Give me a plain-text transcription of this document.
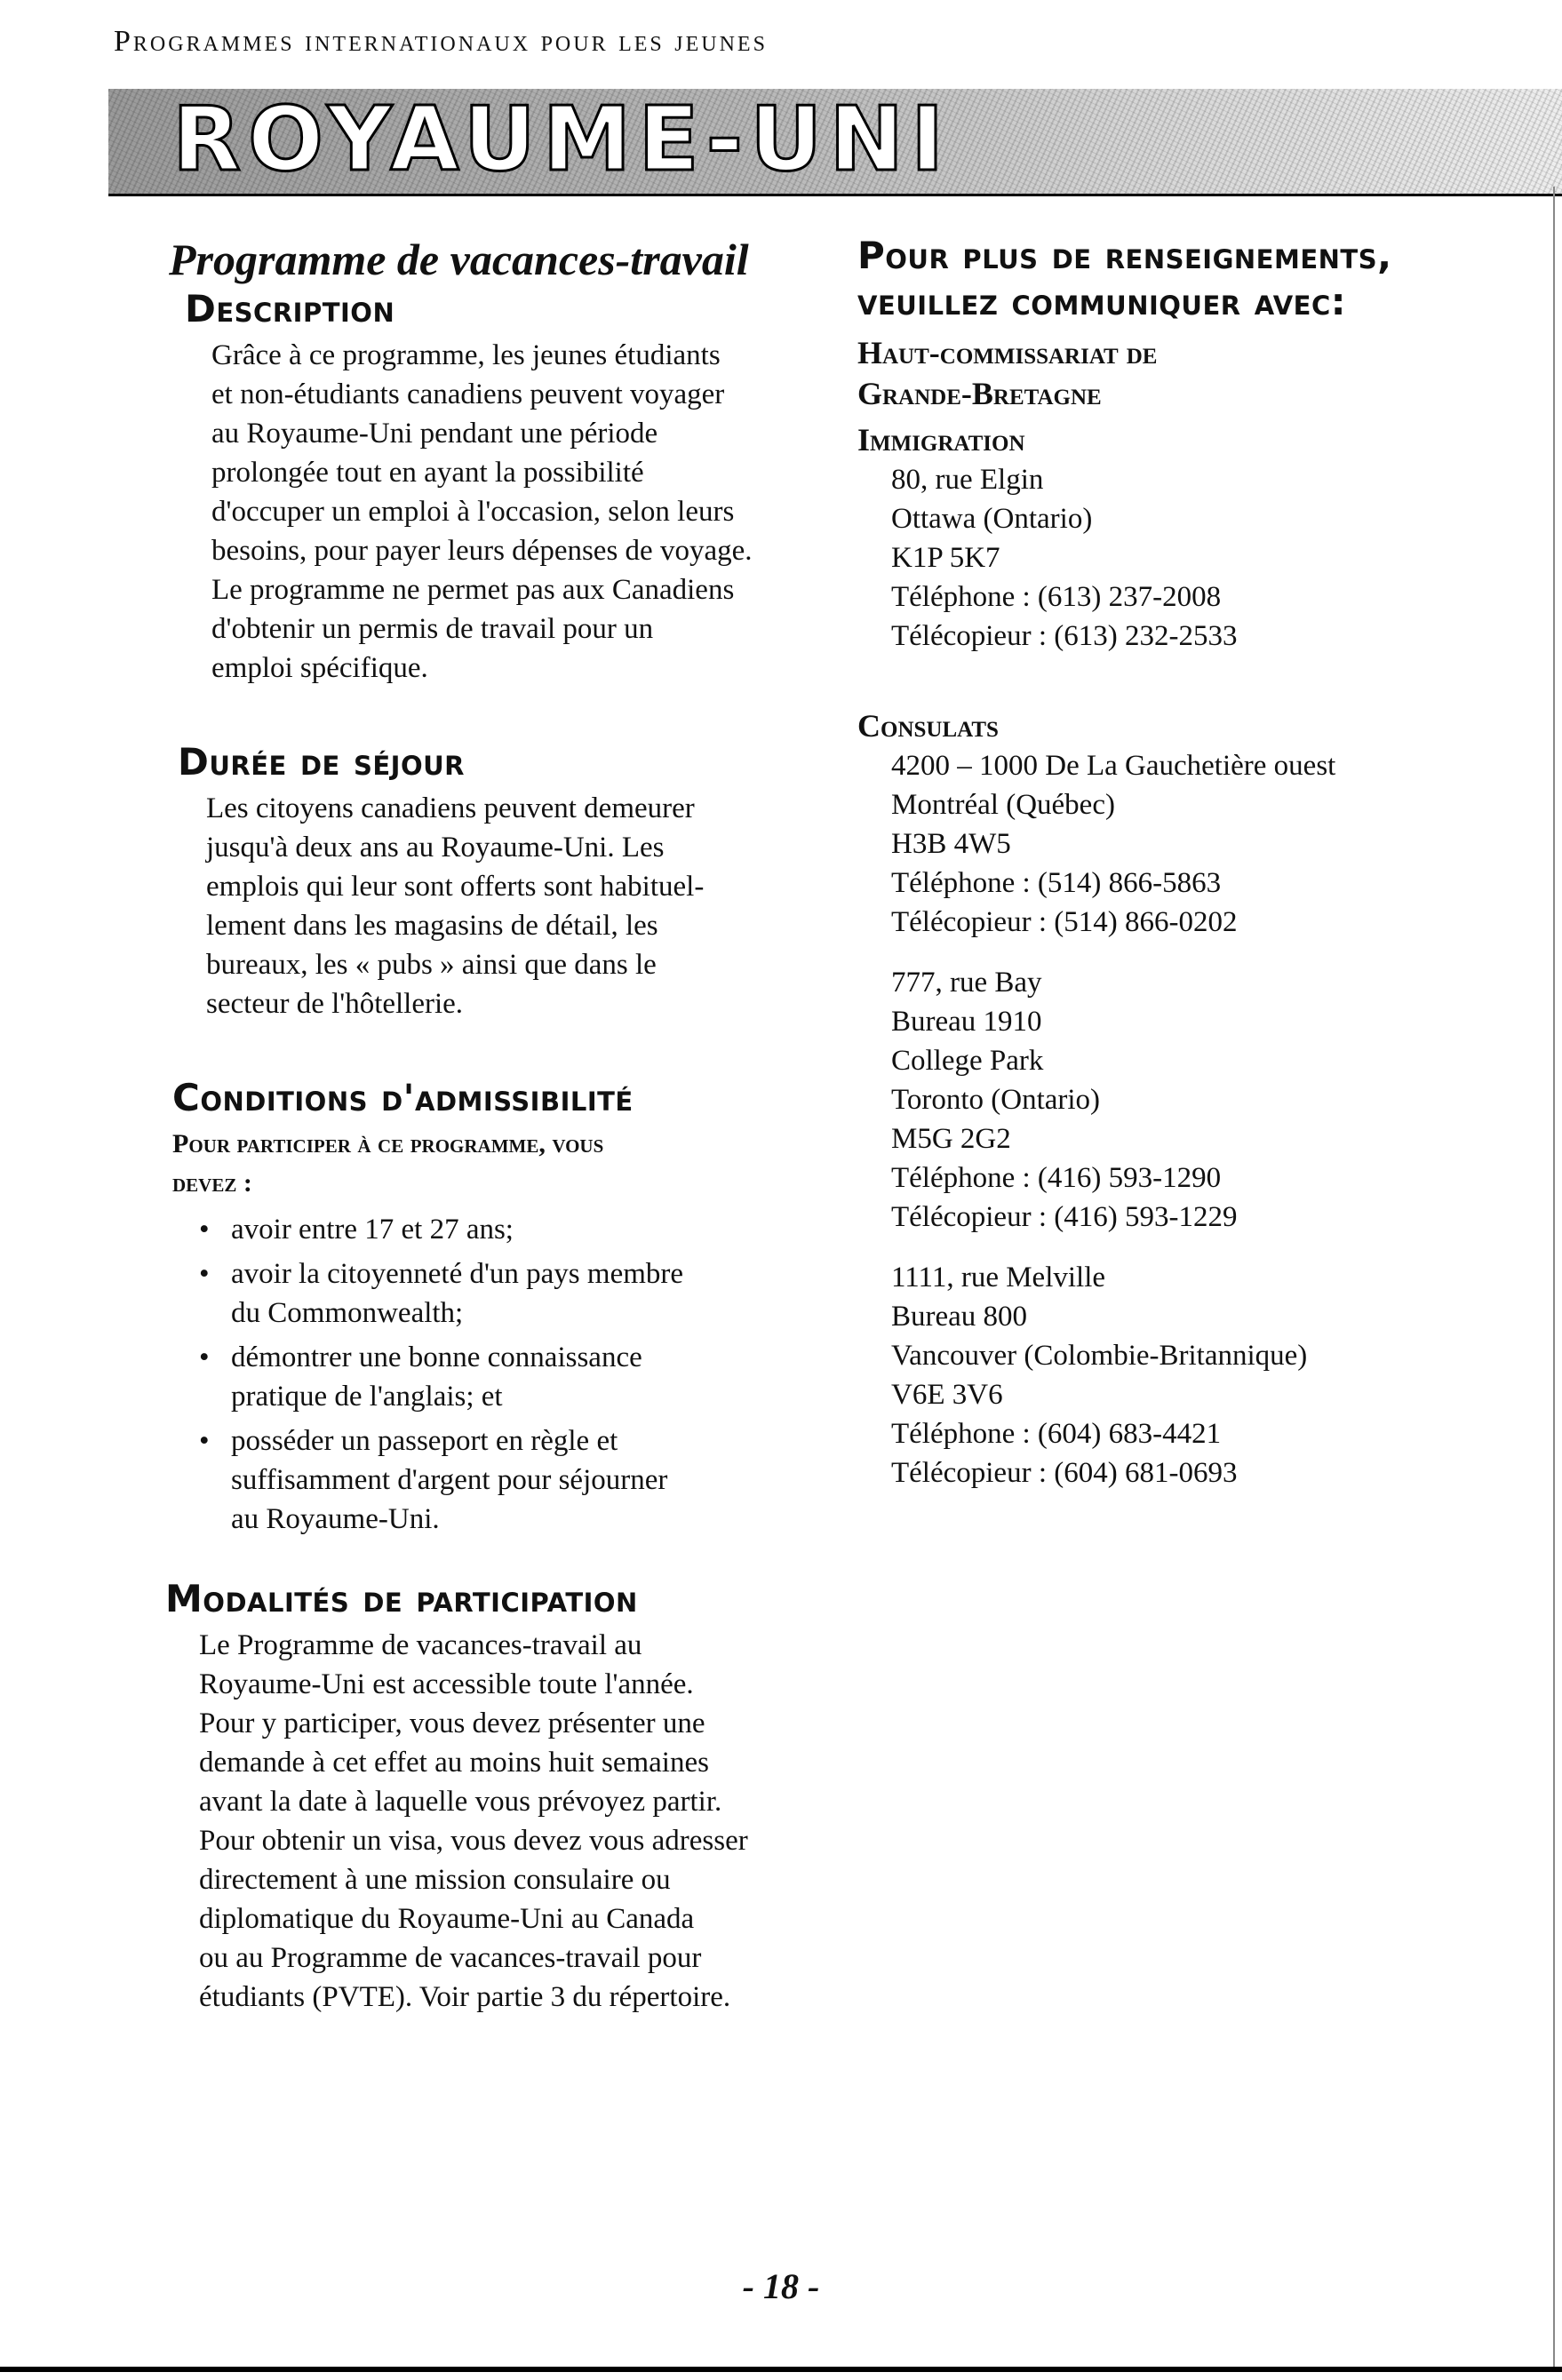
Programmes internationaux pour les jeunes
ROYAUME-UNI
Programme de vacances-travail
Description
Grâce à ce programme, les jeunes étudiants
et non-étudiants canadiens peuvent voyager
au Royaume-Uni pendant une période
prolongée tout en ayant la possibilité
d'occuper un emploi à l'occasion, selon leurs
besoins, pour payer leurs dépenses de voyage.
Le programme ne permet pas aux Canadiens
d'obtenir un permis de travail pour un
emploi spécifique.
Durée de séjour
Les citoyens canadiens peuvent demeurer
jusqu'à deux ans au Royaume-Uni. Les
emplois qui leur sont offerts sont habituel-
lement dans les magasins de détail, les
bureaux, les « pubs » ainsi que dans le
secteur de l'hôtellerie.
Conditions d'admissibilité
Pour participer à ce programme, vous
devez :
• avoir entre 17 et 27 ans;
• avoir la citoyenneté d'un pays membre
du Commonwealth;
• démontrer une bonne connaissance
pratique de l'anglais; et
• posséder un passeport en règle et
suffisamment d'argent pour séjourner
au Royaume-Uni.
Modalités de participation
Le Programme de vacances-travail au
Royaume-Uni est accessible toute l'année.
Pour y participer, vous devez présenter une
demande à cet effet au moins huit semaines
avant la date à laquelle vous prévoyez partir.
Pour obtenir un visa, vous devez vous adresser
directement à une mission consulaire ou
diplomatique du Royaume-Uni au Canada
ou au Programme de vacances-travail pour
étudiants (PVTE). Voir partie 3 du répertoire.
Pour plus de renseignements,
veuillez communiquer avec:
Haut-commissariat de
Grande-Bretagne
Immigration
80, rue Elgin
Ottawa (Ontario)
K1P 5K7
Téléphone : (613) 237-2008
Télécopieur : (613) 232-2533
Consulats
4200 – 1000 De La Gauchetière ouest
Montréal (Québec)
H3B 4W5
Téléphone : (514) 866-5863
Télécopieur : (514) 866-0202
777, rue Bay
Bureau 1910
College Park
Toronto (Ontario)
M5G 2G2
Téléphone : (416) 593-1290
Télécopieur : (416) 593-1229
1111, rue Melville
Bureau 800
Vancouver (Colombie-Britannique)
V6E 3V6
Téléphone : (604) 683-4421
Télécopieur : (604) 681-0693
- 18 -
